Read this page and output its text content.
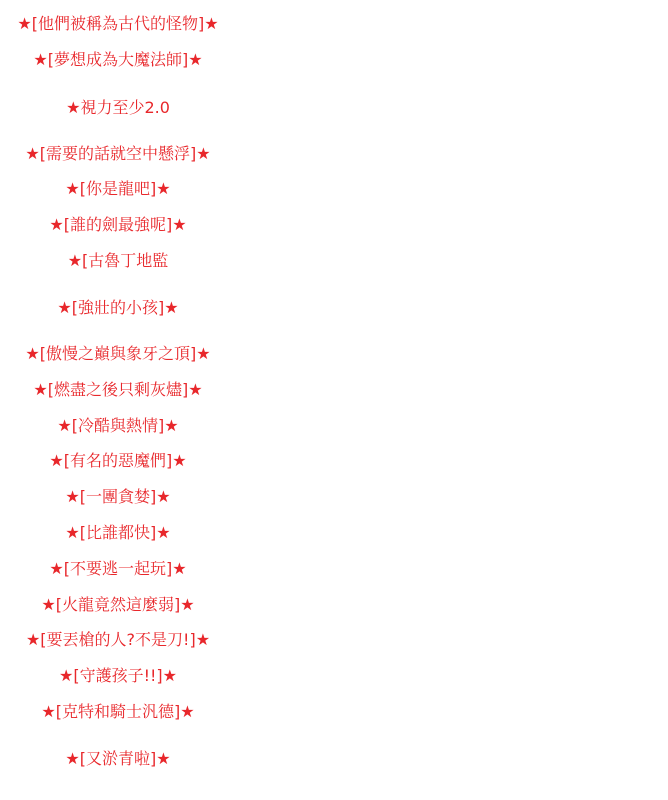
★[他們被稱為古代的怪物]★
★[夢想成為大魔法師]★
★視力至少2.0
★[需要的話就空中懸浮]★
★[你是龍吧]★
★[誰的劍最強呢]★
★[古魯丁地監
★[強壯的小孩]★
★[傲慢之巔與象牙之頂]★
★[燃盡之後只剩灰燼]★
★[冷酷與熱情]★
★[有名的惡魔們]★
★[一團貪婪]★
★[比誰都快]★
★[不要逃一起玩]★
★[火龍竟然這麼弱]★
★[要丟槍的人?不是刀!]★
★[守護孩子!!]★
★[克特和騎士汎德]★
★[又淤青啦]★
